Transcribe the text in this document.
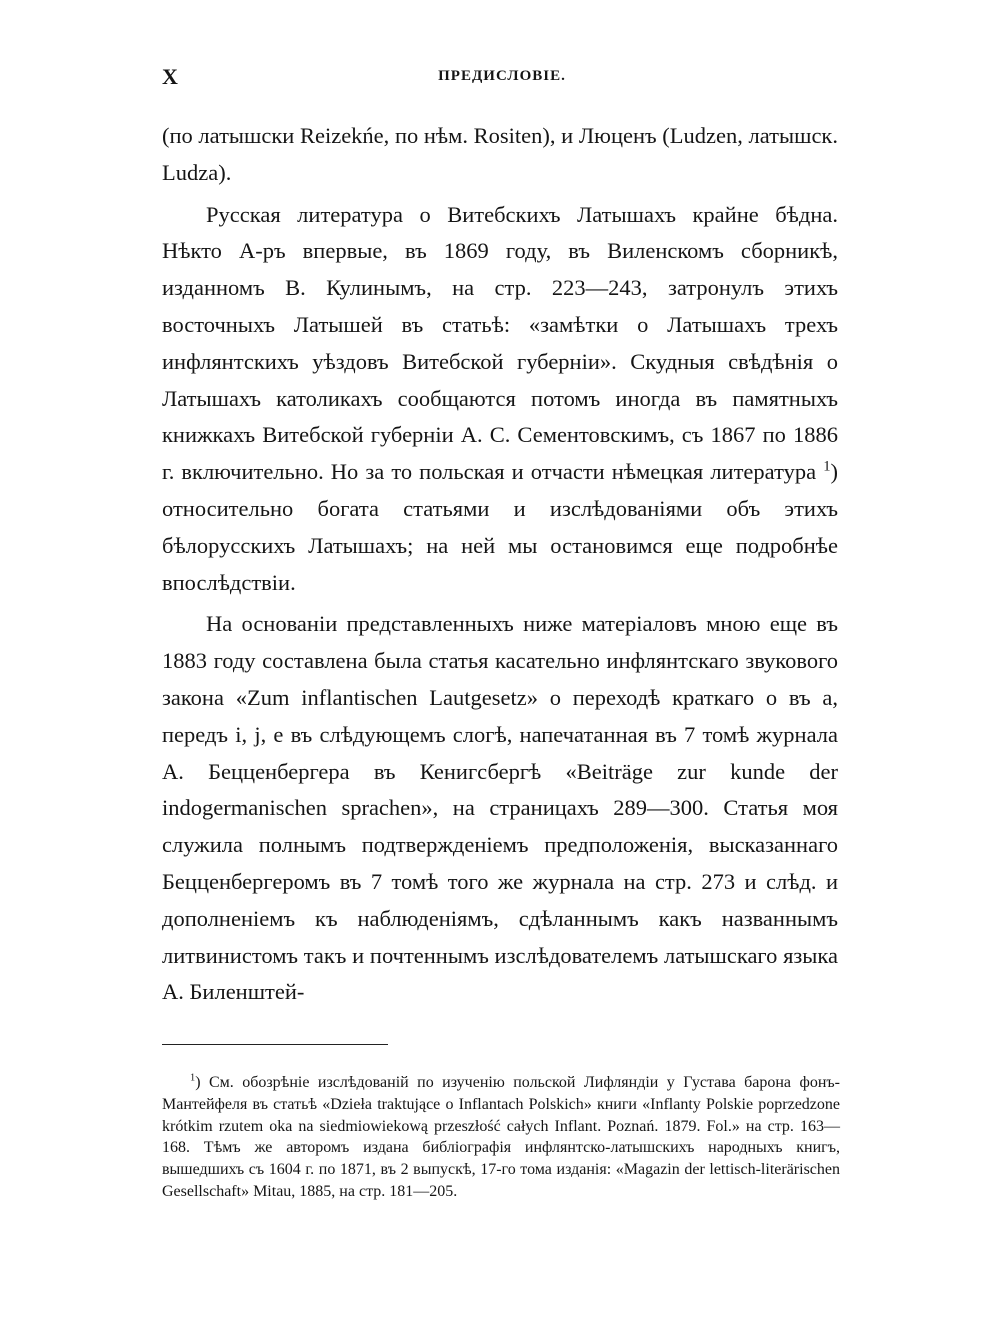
X	ПРЕДИСЛОВІЕ.

(по латышски Reizekńe, по нѣм. Rositen), и Люценъ (Ludzen, латышск. Ludza).

Русская литература о Витебскихъ Латышахъ крайне бѣдна. Нѣкто А-ръ впервые, въ 1869 году, въ Виленскомъ сборникѣ, изданномъ В. Кулинымъ, на стр. 223—243, затронулъ этихъ восточныхъ Латышей въ статьѣ: «замѣтки о Латышахъ трехъ инфлянтскихъ уѣздовъ Витебской губерніи». Скудныя свѣдѣнія о Латышахъ католикахъ сообщаются потомъ иногда въ памятныхъ книжкахъ Витебской губерніи А. С. Сементовскимъ, съ 1867 по 1886 г. включительно. Но за то польская и отчасти нѣмецкая литература $^1$) относительно богата статьями и изслѣдованіями объ этихъ бѣлорусскихъ Латышахъ; на ней мы остановимся еще подробнѣе впослѣдствіи.

На основаніи представленныхъ ниже матеріаловъ мною еще въ 1883 году составлена была статья касательно инфлянтскаго звукового закона «Zum inflantischen Lautgesetz» о переходѣ краткаго о въ а, передъ i, j, е въ слѣдующемъ слогѣ, напечатанная въ 7 томѣ журнала А. Бецценбергера въ Кенигсбергѣ «Beiträge zur kunde der indogermanischen sprachen», на страницахъ 289—300. Статья моя служила полнымъ подтвержденіемъ предположенія, высказаннаго Бецценбергеромъ въ 7 томѣ того же журнала на стр. 273 и слѣд. и дополненіемъ къ наблюденіямъ, сдѣланнымъ какъ названнымъ литвинистомъ такъ и почтеннымъ изслѣдователемъ латышскаго языка А. Биленштей-

$^1$) См. обозрѣніе изслѣдованій по изученію польской Лифляндіи у Густава барона фонъ-Мантейфеля въ статьѣ «Dzieła traktujące o Inflantach Polskich» книги «Inflanty Polskie poprzedzone krótkim rzutem oka na siedmiowiekową przeszłość całych Inflant. Poznań. 1879. Fol.» на стр. 163—168. Тѣмъ же авторомъ издана библіографія инфлянтско-латышскихъ народныхъ книгъ, вышедшихъ съ 1604 г. по 1871, въ 2 выпускѣ, 17-го тома изданія: «Magazin der lettisch-literärischen Gesellschaft» Mitau, 1885, на стр. 181—205.
